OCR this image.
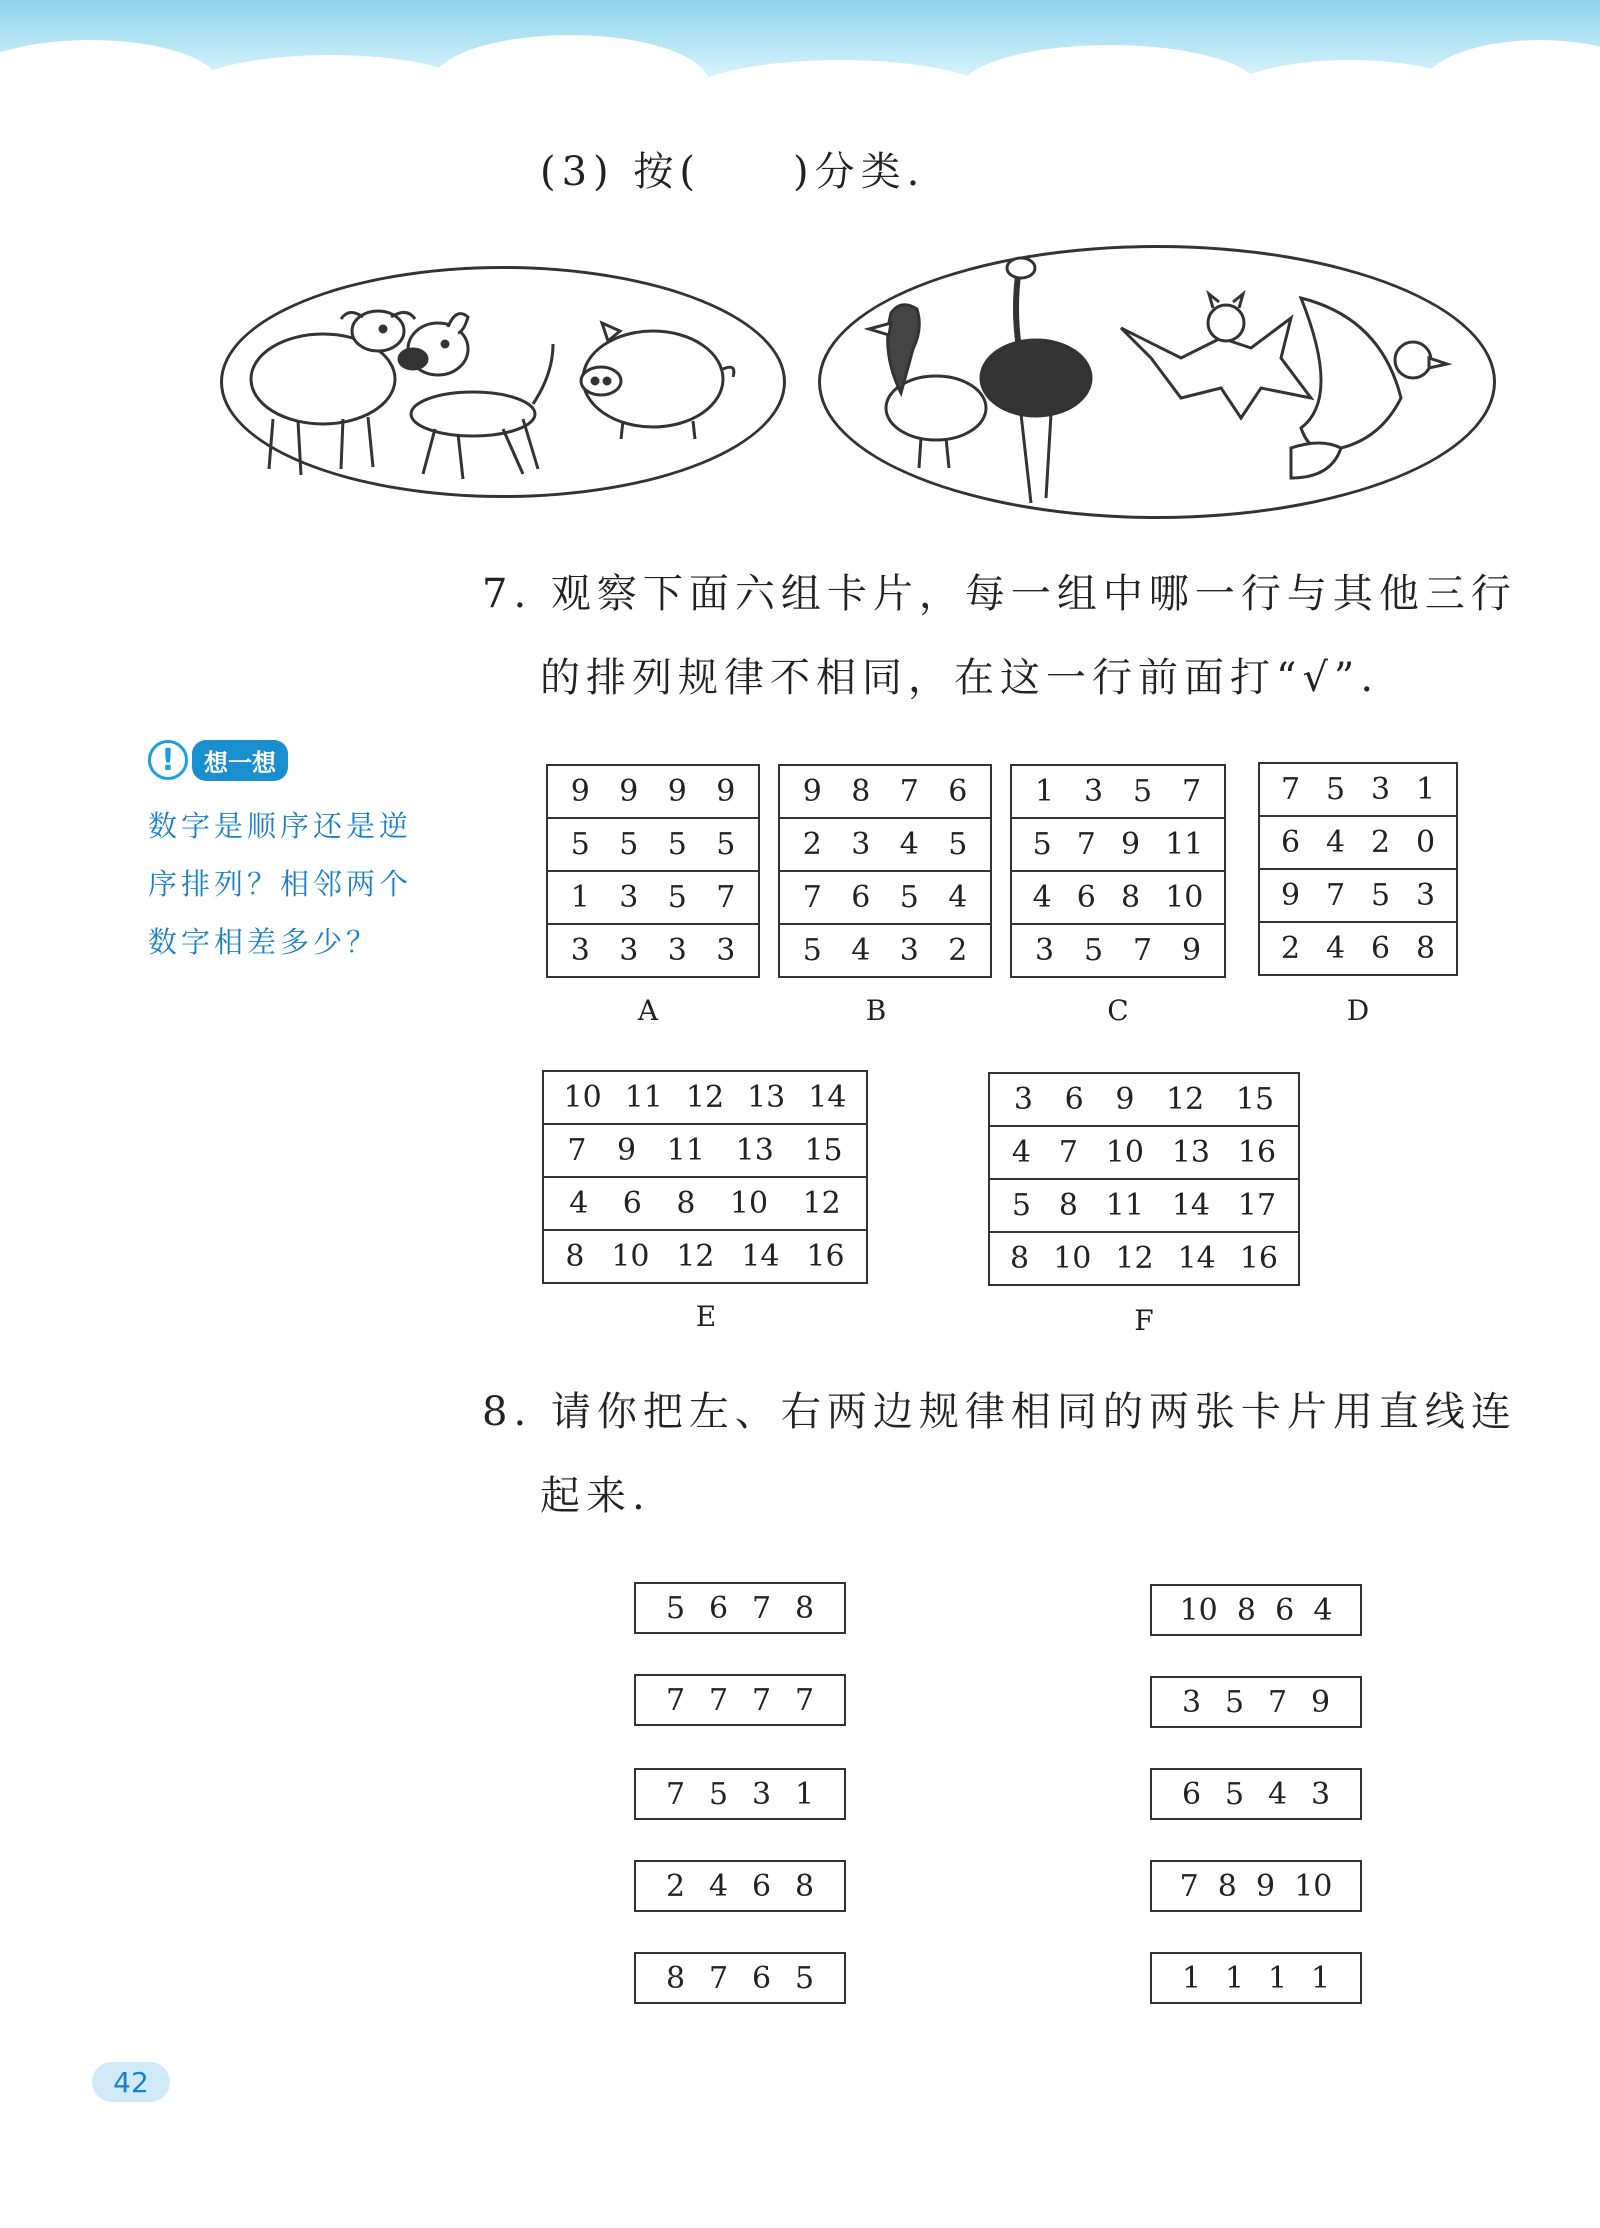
(3) 按(　　)分类.
7. 观察下面六组卡片，每一组中哪一行与其他三行
的排列规律不相同，在这一行前面打“√”.
!	想一想
数字是顺序还是逆
序排列？相邻两个
数字相差多少？
9 9 9 9

5 5 5 5

1 3 5 7

3 3 3 3
A
9 8 7 6

2 3 4 5

7 6 5 4

5 4 3 2
B
1 3 5 7

5 7 9 11

4 6 8 10

3 5 7 9
C
7 5 3 1

6 4 2 0

9 7 5 3

2 4 6 8
D
10 11 12 13 14

7 9 11 13 15

4 6 8 10 12

8 10 12 14 16
E
3 6 9 12 15

4 7 10 13 16

5 8 11 14 17

8 10 12 14 16
F
8. 请你把左、右两边规律相同的两张卡片用直线连
起来.
5 6 7 8
7 7 7 7
7 5 3 1
2 4 6 8
8 7 6 5
10 8 6 4
3 5 7 9
6 5 4 3
7 8 9 10
1 1 1 1
42
